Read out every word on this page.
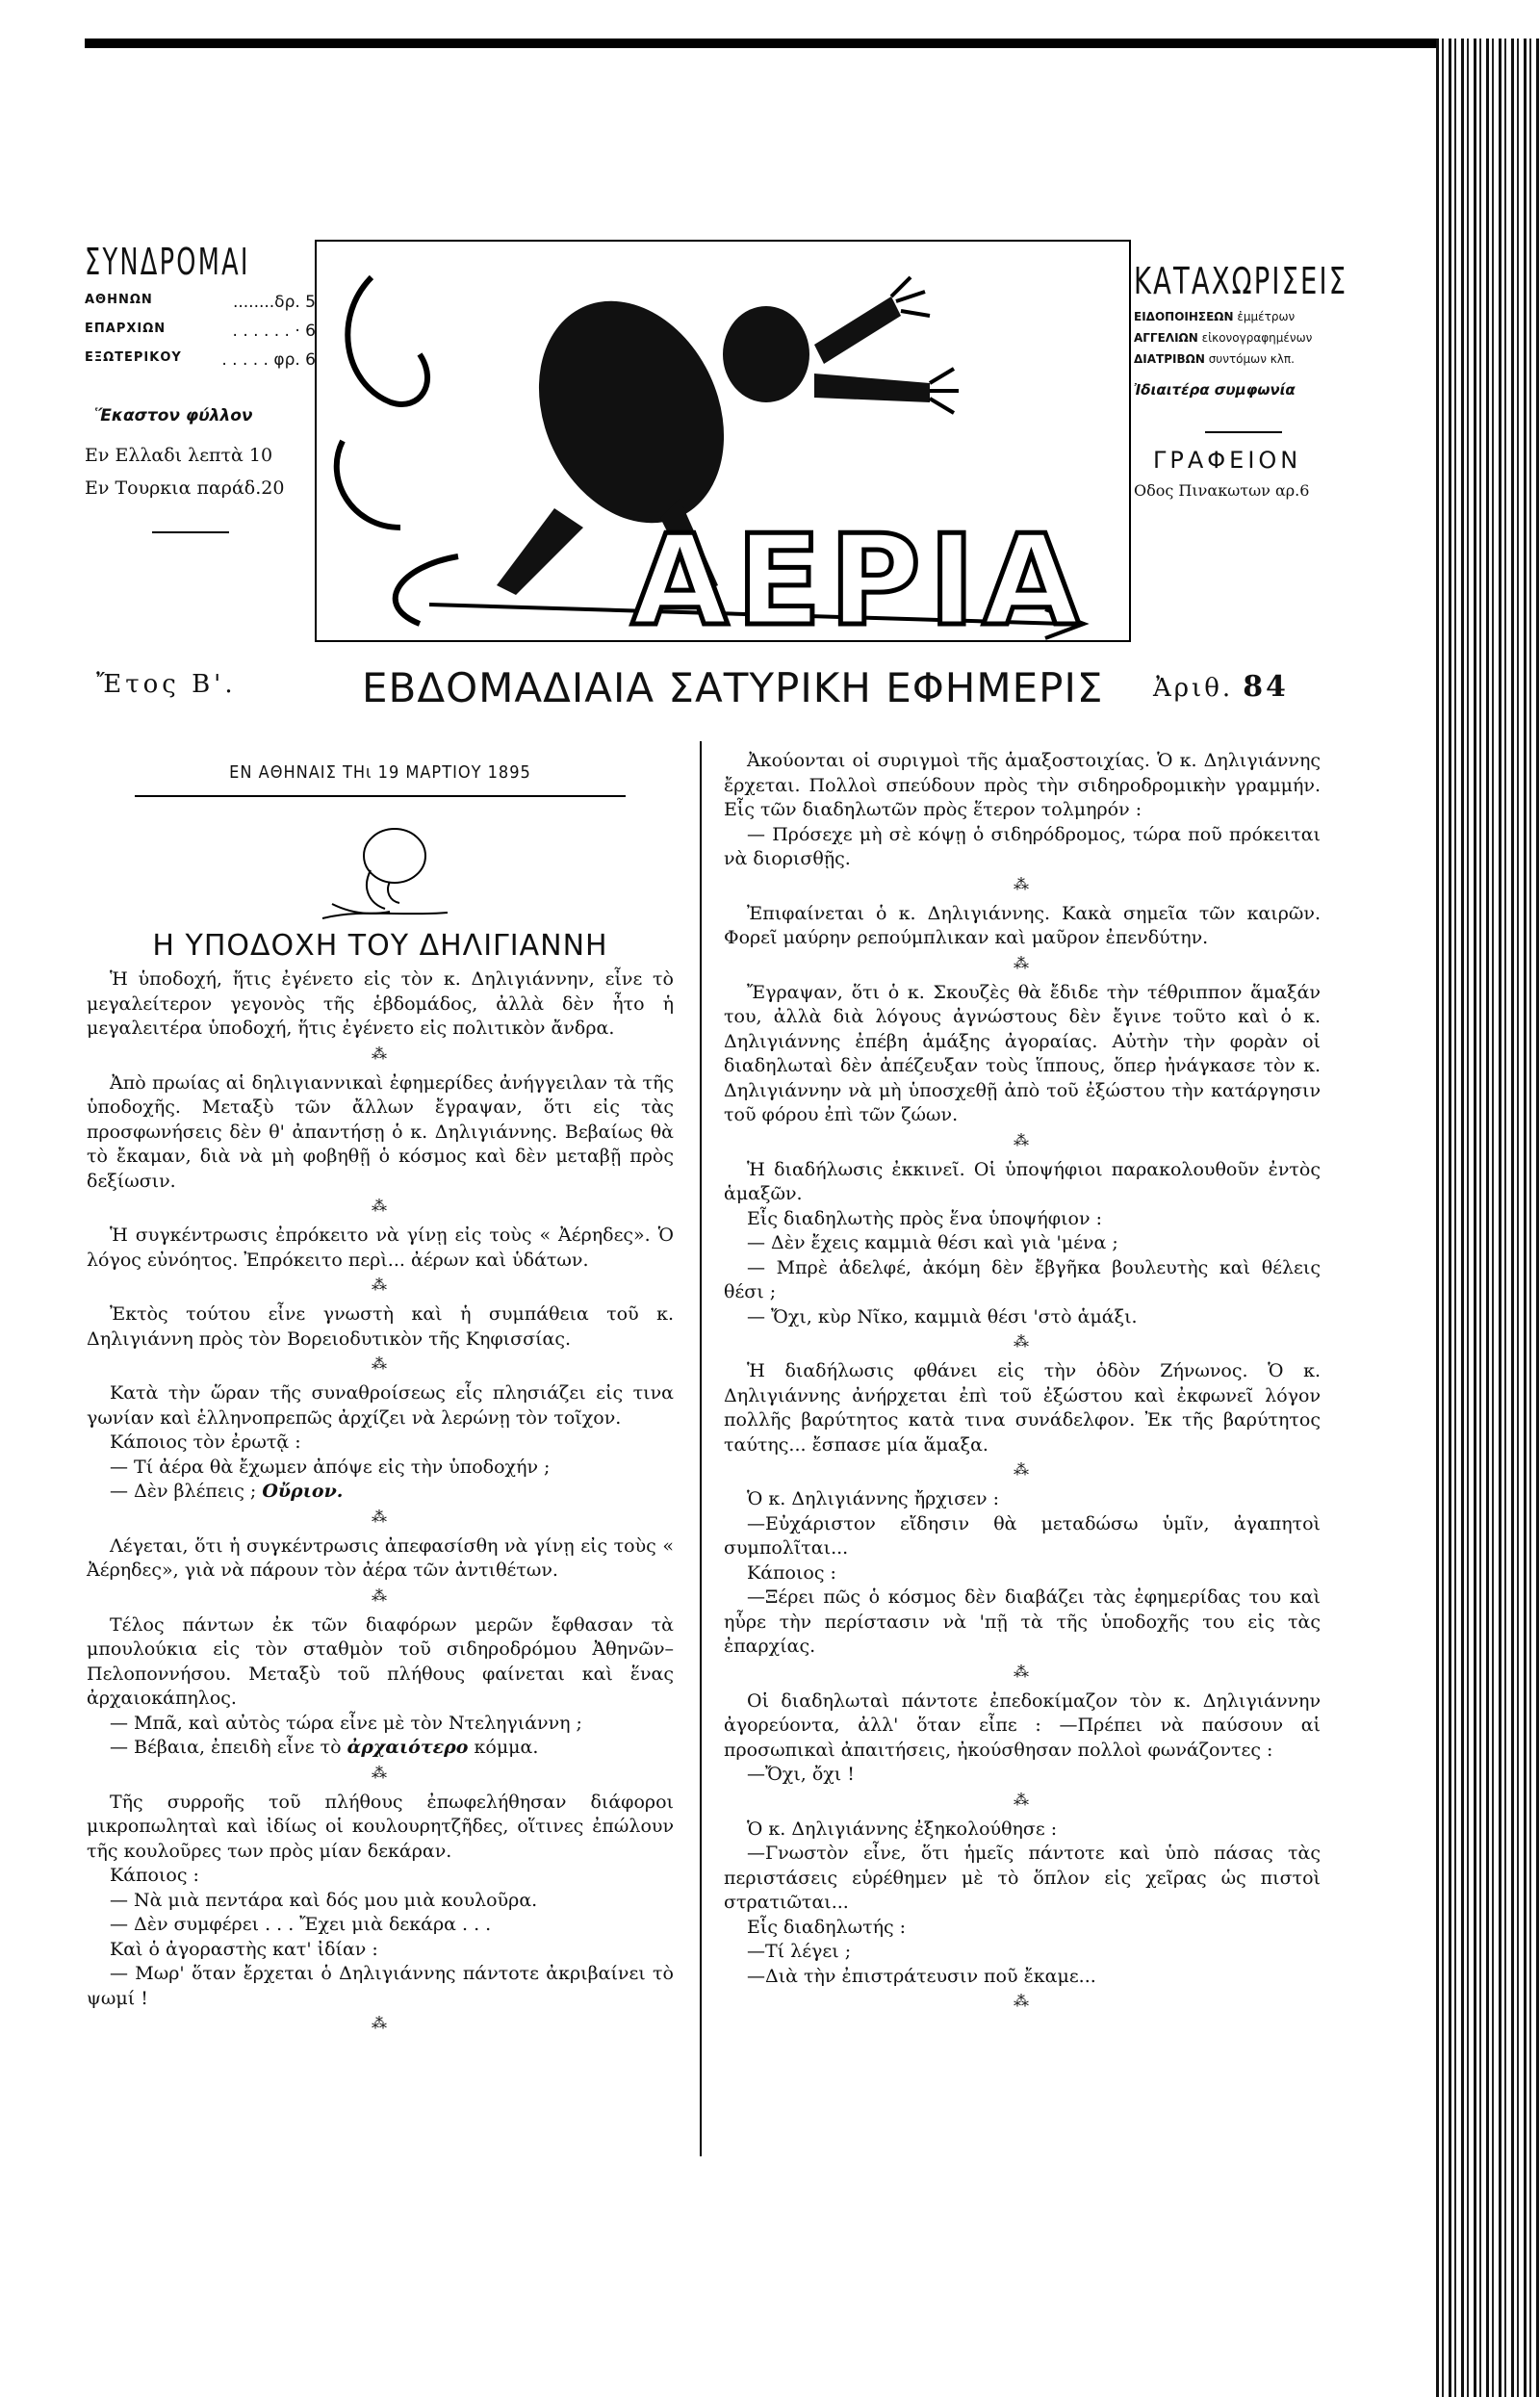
ΣΥΝΔΡΟΜΑΙ
ΑΘΗΝΩΝ	........δρ. 5
ΕΠΑΡΧΙΩΝ	. . . . . . · 6
ΕΞΩΤΕΡΙΚΟΥ . . . . . φρ. 6
Ἕκαστον φύλλον
Εν Ελλαδι λεπτὰ 10
Εν Τουρκια παράδ.20
ΑΕΡΙΑ
ΚΑΤΑΧΩΡΙΣΕΙΣ
ΕΙΔΟΠΟΙΗΣΕΩΝ ἐμμέτρων
ΑΓΓΕΛΙΩΝ εἰκονογραφημένων
ΔΙΑΤΡΙΒΩΝ συντόμων κλπ.
Ἰδιαιτέρα συμφωνία
ΓΡΑΦΕΙΟΝ
Οδος Πινακωτων αρ.6
Ἔτος Β'.	ΕΒΔΟΜΑΔΙΑΙΑ ΣΑΤΥΡΙΚΗ ΕΦΗΜΕΡΙΣ Ἀριθ. 84
ΕΝ ΑΘΗΝΑΙΣ ΤΗι 19 ΜΑΡΤΙΟΥ 1895
Η ΥΠΟΔΟΧΗ ΤΟΥ ΔΗΛΙΓΙΑΝΝΗ

Ἡ ὑποδοχή, ἥτις ἐγένετο εἰς τὸν κ. Δηλιγιάννην, εἶνε τὸ μεγαλείτερον γεγονὸς τῆς ἑβδομάδος, ἀλλὰ δὲν ἦτο ἡ μεγαλειτέρα ὑποδοχή, ἥτις ἐγένετο εἰς πολιτικὸν ἄνδρα.

⁂

Ἀπὸ πρωίας αἱ δηλιγιαννικαὶ ἐφημερίδες ἀνήγγειλαν τὰ τῆς ὑποδοχῆς. Μεταξὺ τῶν ἄλλων ἔγραψαν, ὅτι εἰς τὰς προσφωνήσεις δὲν θ' ἀπαντήσῃ ὁ κ. Δηλιγιάννης. Βεβαίως θὰ τὸ ἔκαμαν, διὰ νὰ μὴ φοβηθῇ ὁ κόσμος καὶ δὲν μεταβῇ πρὸς δεξίωσιν.

⁂

Ἡ συγκέντρωσις ἐπρόκειτο νὰ γίνῃ εἰς τοὺς « Ἀέρηδες». Ὁ λόγος εὐνόητος. Ἐπρόκειτο περὶ... ἀέρων καὶ ὑδάτων.

⁂

Ἐκτὸς τούτου εἶνε γνωστὴ καὶ ἡ συμπάθεια τοῦ κ. Δηλιγιάννη πρὸς τὸν Βορειοδυτικὸν τῆς Κηφισσίας.

⁂

Κατὰ τὴν ὥραν τῆς συναθροίσεως εἷς πλησιάζει εἰς τινα γωνίαν καὶ ἑλληνοπρεπῶς ἀρχίζει νὰ λερώνῃ τὸν τοῖχον.

Κάποιος τὸν ἐρωτᾷ :

— Τί ἀέρα θὰ ἔχωμεν ἀπόψε εἰς τὴν ὑποδοχήν ;

— Δὲν βλέπεις ; Οὔριον.

⁂

Λέγεται, ὅτι ἡ συγκέντρωσις ἀπεφασίσθη νὰ γίνῃ εἰς τοὺς « Ἀέρηδες», γιὰ νὰ πάρουν τὸν ἀέρα τῶν ἀντιθέτων.

⁂

Τέλος πάντων ἐκ τῶν διαφόρων μερῶν ἔφθασαν τὰ μπουλούκια εἰς τὸν σταθμὸν τοῦ σιδηροδρόμου Ἀθηνῶν–Πελοποννήσου. Μεταξὺ τοῦ πλήθους φαίνεται καὶ ἕνας ἀρχαιοκάπηλος.

— Μπᾶ, καὶ αὐτὸς τώρα εἶνε μὲ τὸν Ντεληγιάννη ;

— Βέβαια, ἐπειδὴ εἶνε τὸ ἀρχαιότερο κόμμα.

⁂

Τῆς συρροῆς τοῦ πλήθους ἐπωφελήθησαν διάφοροι μικροπωληταὶ καὶ ἰδίως οἱ κουλουρητζῆδες, οἵτινες ἐπώλουν τῆς κουλοῦρες των πρὸς μίαν δεκάραν.

Κάποιος :

— Νὰ μιὰ πεντάρα καὶ δός μου μιὰ κουλοῦρα.

— Δὲν συμφέρει . . . Ἔχει μιὰ δεκάρα . . .

Καὶ ὁ ἀγοραστὴς κατ' ἰδίαν :

— Μωρ' ὅταν ἔρχεται ὁ Δηλιγιάννης πάντοτε ἀκριβαίνει τὸ ψωμί !

⁂

Ἀκούονται οἱ συριγμοὶ τῆς ἁμαξοστοιχίας. Ὁ κ. Δηλιγιάννης ἔρχεται. Πολλοὶ σπεύδουν πρὸς τὴν σιδηροδρομικὴν γραμμήν. Εἷς τῶν διαδηλωτῶν πρὸς ἕτερον τολμηρόν :

— Πρόσεχε μὴ σὲ κόψῃ ὁ σιδηρόδρομος, τώρα ποῦ πρόκειται νὰ διορισθῇς.

⁂

Ἐπιφαίνεται ὁ κ. Δηλιγιάννης. Κακὰ σημεῖα τῶν καιρῶν. Φορεῖ μαύρην ρεπούμπλικαν καὶ μαῦρον ἐπενδύτην.

⁂

Ἔγραψαν, ὅτι ὁ κ. Σκουζὲς θὰ ἔδιδε τὴν τέθριππον ἅμαξάν του, ἀλλὰ διὰ λόγους ἀγνώστους δὲν ἔγινε τοῦτο καὶ ὁ κ. Δηλιγιάννης ἐπέβη ἁμάξης ἀγοραίας. Αὐτὴν τὴν φορὰν οἱ διαδηλωταὶ δὲν ἀπέζευξαν τοὺς ἵππους, ὅπερ ἠνάγκασε τὸν κ. Δηλιγιάννην νὰ μὴ ὑποσχεθῇ ἀπὸ τοῦ ἐξώστου τὴν κατάργησιν τοῦ φόρου ἐπὶ τῶν ζώων.

⁂

Ἡ διαδήλωσις ἐκκινεῖ. Οἱ ὑποψήφιοι παρακολουθοῦν ἐντὸς ἁμαξῶν.

Εἷς διαδηλωτὴς πρὸς ἕνα ὑποψήφιον :

— Δὲν ἔχεις καμμιὰ θέσι καὶ γιὰ 'μένα ;

— Μπρὲ ἀδελφέ, ἀκόμη δὲν ἔβγῆκα βουλευτὴς καὶ θέλεις θέσι ;

— Ὄχι, κὺρ Νῖκο, καμμιὰ θέσι 'στὸ ἁμάξι.

⁂

Ἡ διαδήλωσις φθάνει εἰς τὴν ὁδὸν Ζήνωνος. Ὁ κ. Δηλιγιάννης ἀνήρχεται ἐπὶ τοῦ ἐξώστου καὶ ἐκφωνεῖ λόγον πολλῆς βαρύτητος κατὰ τινα συνάδελφον. Ἐκ τῆς βαρύτητος ταύτης... ἔσπασε μία ἅμαξα.

⁂

Ὁ κ. Δηλιγιάννης ἤρχισεν :

—Εὐχάριστον εἴδησιν θὰ μεταδώσω ὑμῖν, ἀγαπητοὶ συμπολῖται...

Κάποιος :

—Ξέρει πῶς ὁ κόσμος δὲν διαβάζει τὰς ἐφημερίδας του καὶ ηὗρε τὴν περίστασιν νὰ 'πῇ τὰ τῆς ὑποδοχῆς του εἰς τὰς ἐπαρχίας.

⁂

Οἱ διαδηλωταὶ πάντοτε ἐπεδοκίμαζον τὸν κ. Δηλιγιάννην ἀγορεύοντα, ἀλλ' ὅταν εἶπε : —Πρέπει νὰ παύσουν αἱ προσωπικαὶ ἀπαιτήσεις, ἠκούσθησαν πολλοὶ φωνάζοντες :

—Ὄχι, ὄχι !

⁂

Ὁ κ. Δηλιγιάννης ἐξηκολούθησε :

—Γνωστὸν εἶνε, ὅτι ἡμεῖς πάντοτε καὶ ὑπὸ πάσας τὰς περιστάσεις εὑρέθημεν μὲ τὸ ὅπλον εἰς χεῖρας ὡς πιστοὶ στρατιῶται...

Εἷς διαδηλωτής :

—Τί λέγει ;

—Διὰ τὴν ἐπιστράτευσιν ποῦ ἔκαμε...

⁂
